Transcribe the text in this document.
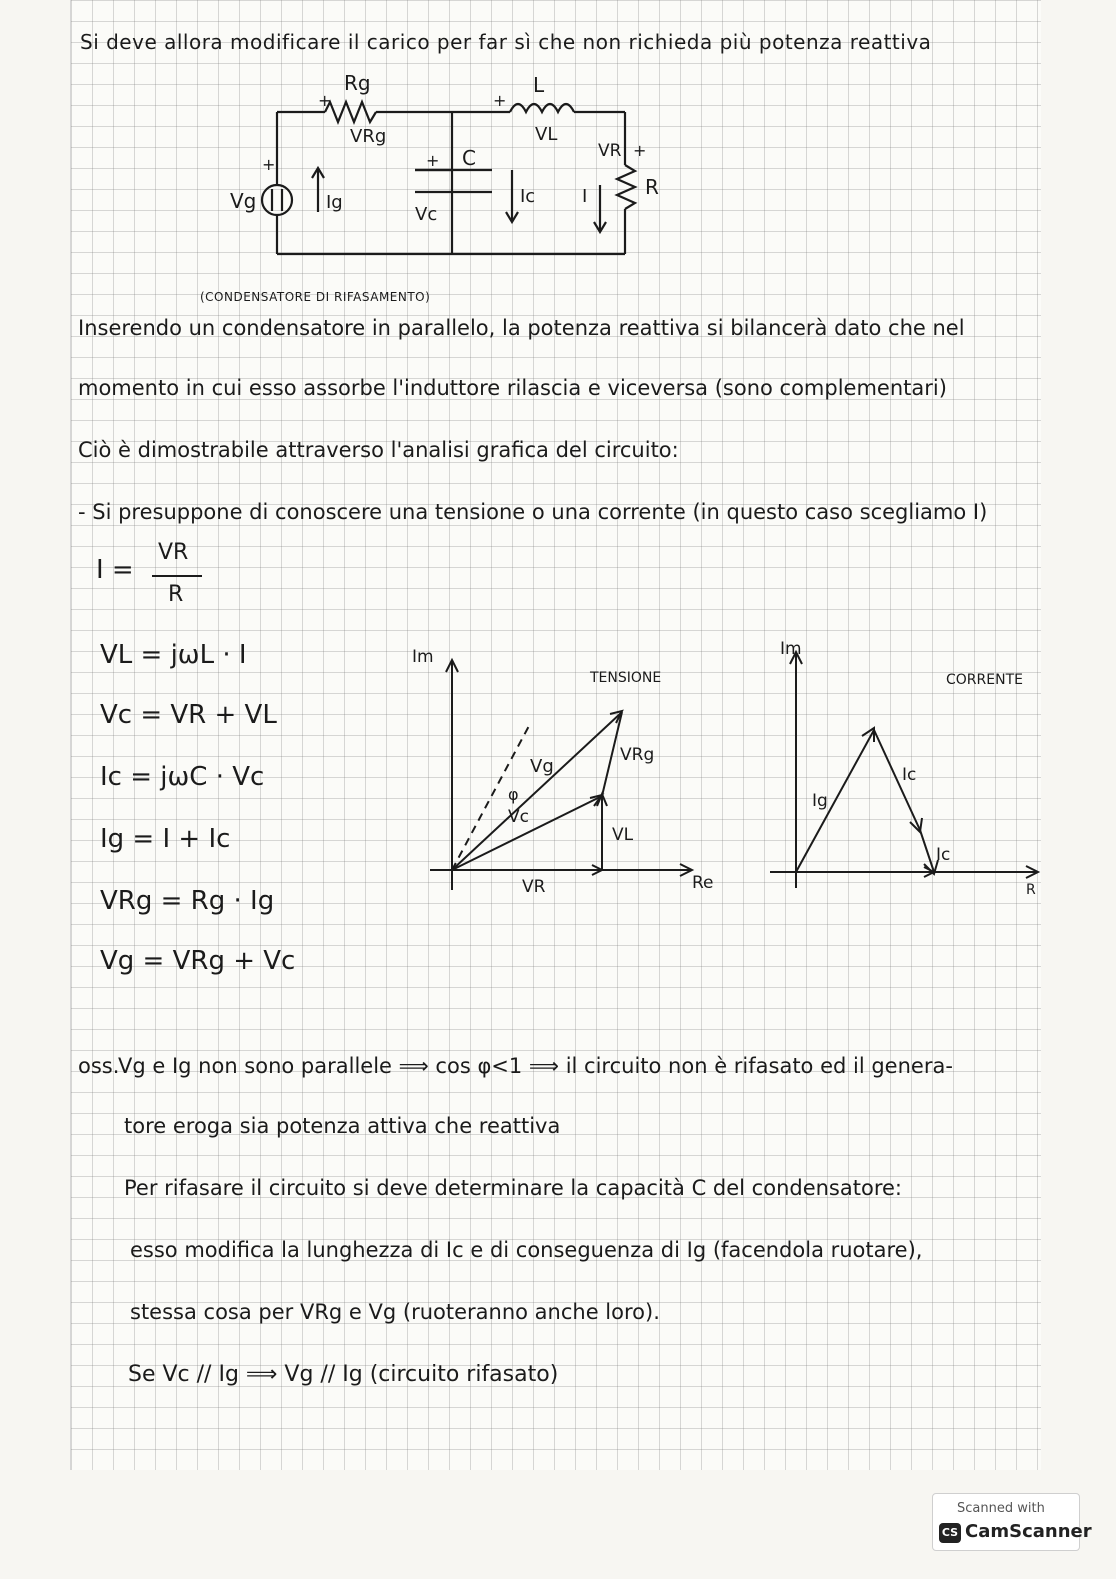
Si deve allora modificare il carico per far sì che non richieda più potenza reattiva
Rg
+
VRg
L
+
VL
C
+
Vc
Vg
+
Ig	Ic	I
VR +
R
(CONDENSATORE DI RIFASAMENTO)
Inserendo un condensatore in parallelo, la potenza reattiva si bilancerà dato che nel
momento in cui esso assorbe l'induttore rilascia e viceversa (sono complementari)
Ciò è dimostrabile attraverso l'analisi grafica del circuito:
- Si presuppone di conoscere una tensione o una corrente (in questo caso scegliamo I)
I =
VR
R
VL = jωL · I
Vc = VR + VL
Ic = jωC · Vc
Ig = I + Ic
VRg = Rg · Ig
Vg = VRg + Vc
Im
TENSIONE
Vg
φ
VRg
Vc
VL
VR	Re
Im
CORRENTE
Ig
Ic
Ic
R
oss.
Vg e Ig non sono parallele ⟹ cos φ<1 ⟹ il circuito non è rifasato ed il genera-
tore eroga sia potenza attiva che reattiva
Per rifasare il circuito si deve determinare la capacità C del condensatore:
esso modifica la lunghezza di Ic e di conseguenza di Ig (facendola ruotare),
stessa cosa per VRg e Vg (ruoteranno anche loro).
Se Vc // Ig ⟹ Vg // Ig (circuito rifasato)
Scanned with
CS CamScanner
